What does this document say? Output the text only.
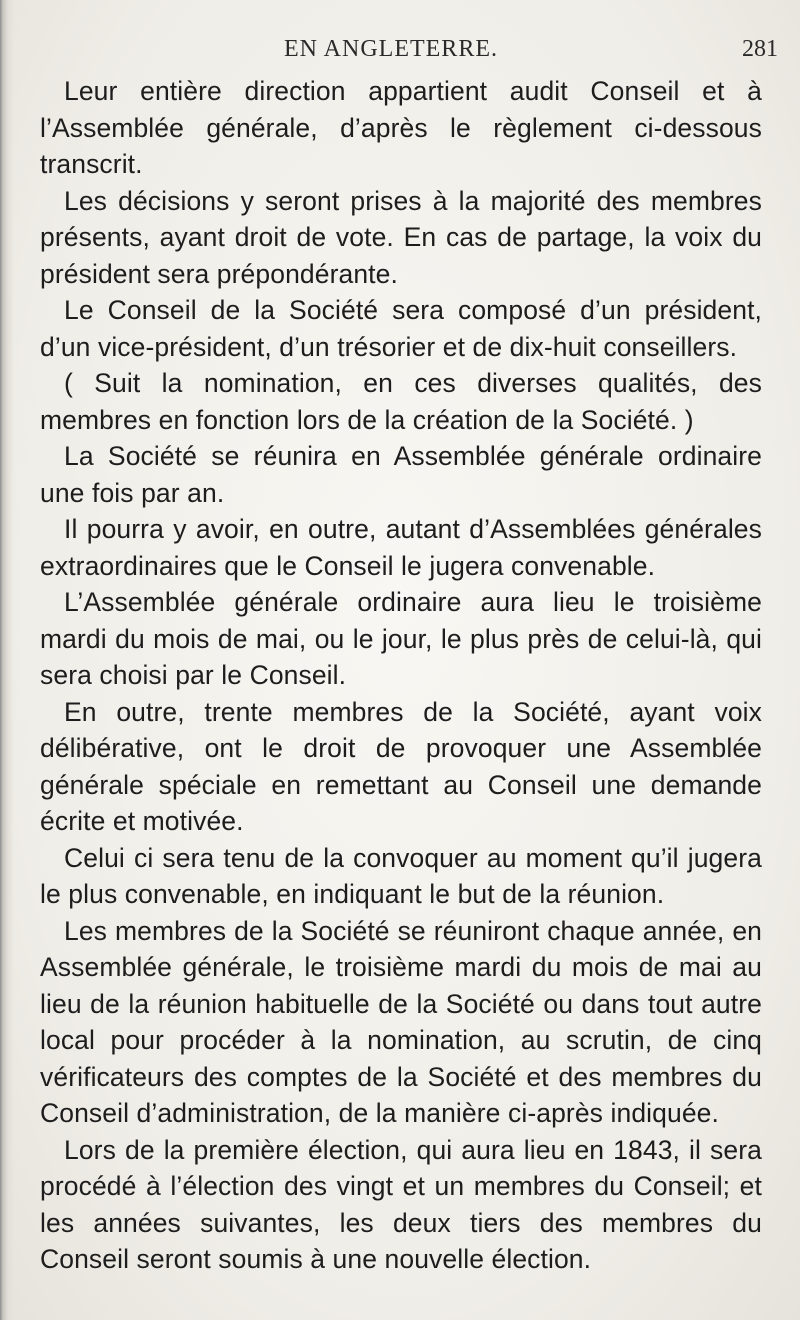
EN ANGLETERRE.	281

Leur entière direction appartient audit Conseil et à l’Assemblée générale, d’après le règlement ci-dessous transcrit.

Les décisions y seront prises à la majorité des membres présents, ayant droit de vote. En cas de partage, la voix du président sera prépondérante.

Le Conseil de la Société sera composé d’un président, d’un vice-président, d’un trésorier et de dix-huit conseillers.

( Suit la nomination, en ces diverses qualités, des membres en fonction lors de la création de la Société. )

La Société se réunira en Assemblée générale ordinaire une fois par an.

Il pourra y avoir, en outre, autant d’Assemblées générales extraordinaires que le Conseil le jugera convenable.

L’Assemblée générale ordinaire aura lieu le troisième mardi du mois de mai, ou le jour, le plus près de celui-là, qui sera choisi par le Conseil.

En outre, trente membres de la Société, ayant voix délibérative, ont le droit de provoquer une Assemblée générale spéciale en remettant au Conseil une demande écrite et motivée.

Celui ci sera tenu de la convoquer au moment qu’il jugera le plus convenable, en indiquant le but de la réunion.

Les membres de la Société se réuniront chaque année, en Assemblée générale, le troisième mardi du mois de mai au lieu de la réunion habituelle de la Société ou dans tout autre local pour procéder à la nomination, au scrutin, de cinq vérificateurs des comptes de la Société et des membres du Conseil d’administration, de la manière ci-après indiquée.

Lors de la première élection, qui aura lieu en 1843, il sera procédé à l’élection des vingt et un membres du Conseil; et les années suivantes, les deux tiers des membres du Conseil seront soumis à une nouvelle élection.
